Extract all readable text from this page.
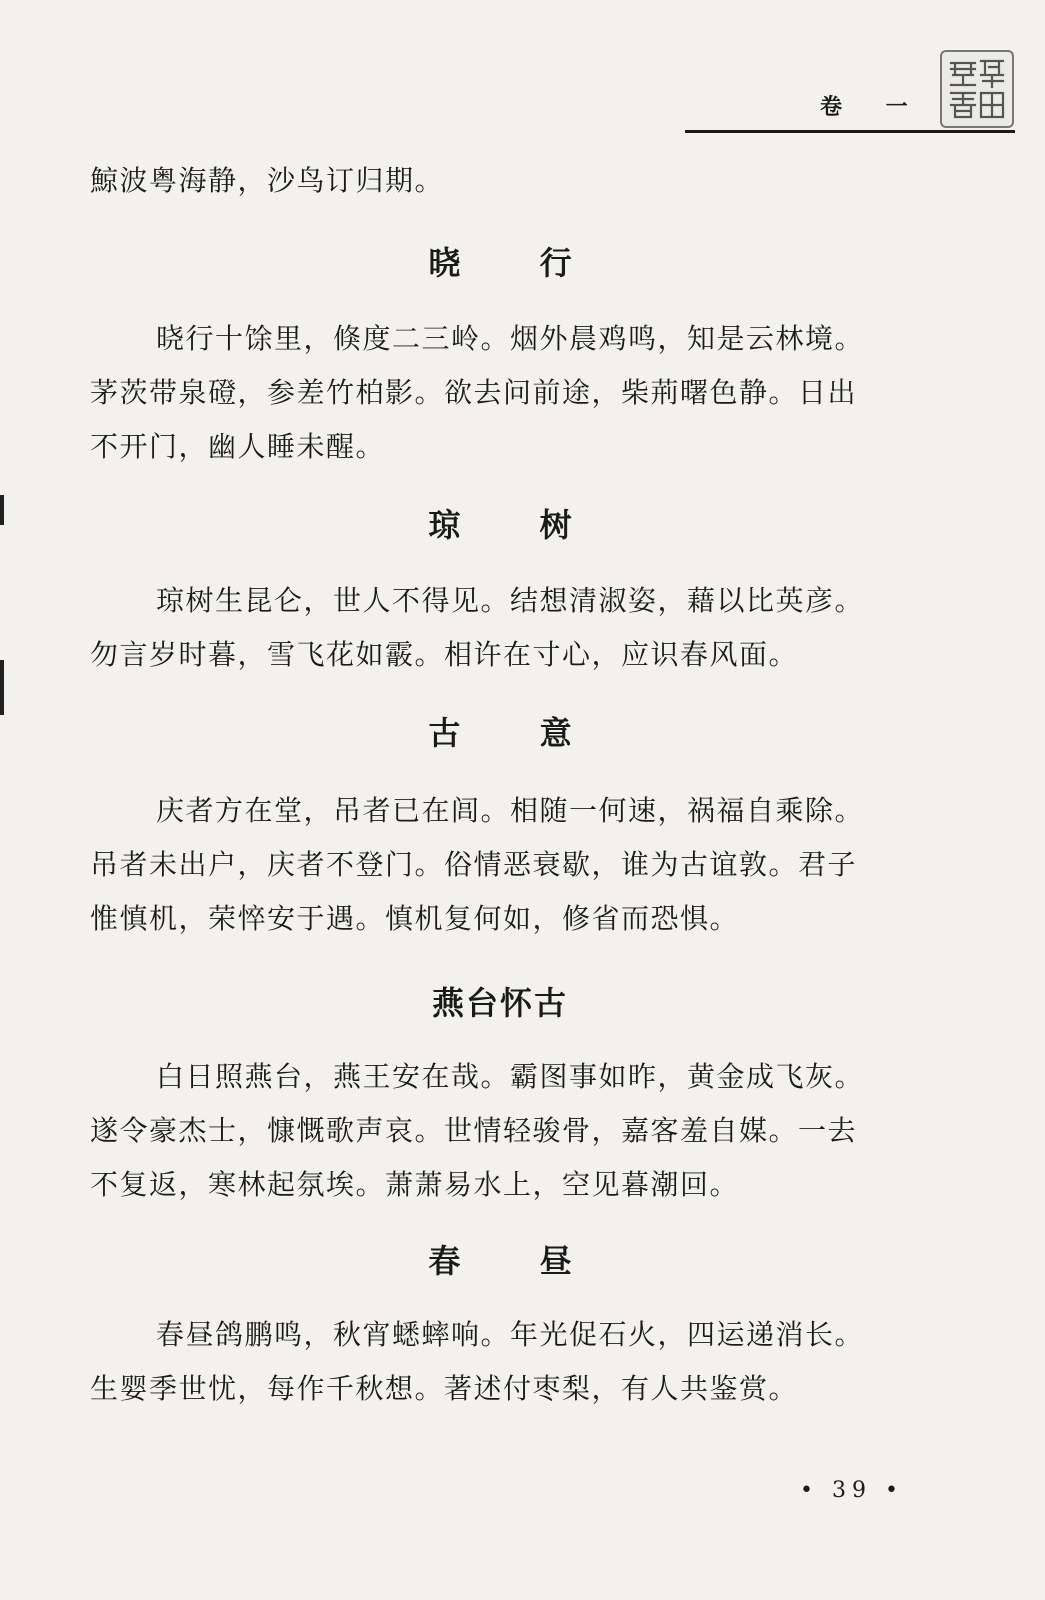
卷 一
鯨波粤海静，沙鸟订归期。
晓 行
晓行十馀里，倏度二三岭。烟外晨鸡鸣，知是云林境。
茅茨带泉磴，参差竹柏影。欲去问前途，柴荊曙色静。日出
不开门，幽人睡未醒。
琼 树
琼树生昆仑，世人不得见。结想清淑姿，藉以比英彦。
勿言岁时暮，雪飞花如霰。相许在寸心，应识春风面。
古 意
庆者方在堂，吊者已在闾。相随一何速，祸福自乘除。
吊者未出户，庆者不登门。俗情恶衰歇，谁为古谊敦。君子
惟慎机，荣悴安于遇。慎机复何如，修省而恐惧。
燕台怀古
白日照燕台，燕王安在哉。霸图事如昨，黄金成飞灰。
遂令豪杰士，慷慨歌声哀。世情轻骏骨，嘉客羞自媒。一去
不复返，寒林起氛埃。萧萧易水上，空见暮潮回。
春 昼
春昼鸽鹏鸣，秋宵蟋蟀响。年光促石火，四运递消长。
生婴季世忧，每作千秋想。著述付枣梨，有人共鉴赏。
• 39 •
